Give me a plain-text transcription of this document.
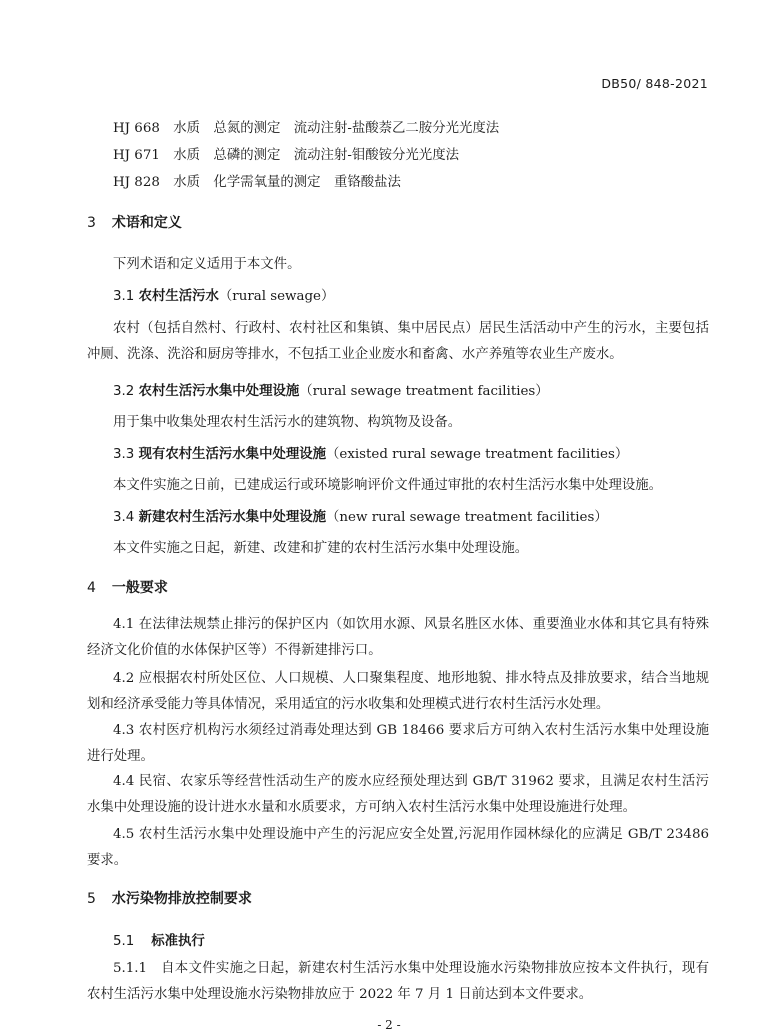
DB50/ 848-2021
HJ 668　水质　总氮的测定　流动注射-盐酸萘乙二胺分光光度法
HJ 671　水质　总磷的测定　流动注射-钼酸铵分光光度法
HJ 828　水质　化学需氧量的测定　重铬酸盐法
3 术语和定义
下列术语和定义适用于本文件。
3.1 农村生活污水（rural sewage）
农村（包括自然村、行政村、农村社区和集镇、集中居民点）居民生活活动中产生的污水，主要包括冲厕、洗涤、洗浴和厨房等排水，不包括工业企业废水和畜禽、水产养殖等农业生产废水。
3.2 农村生活污水集中处理设施（rural sewage treatment facilities）
用于集中收集处理农村生活污水的建筑物、构筑物及设备。
3.3 现有农村生活污水集中处理设施（existed rural sewage treatment facilities）
本文件实施之日前，已建成运行或环境影响评价文件通过审批的农村生活污水集中处理设施。
3.4 新建农村生活污水集中处理设施（new rural sewage treatment facilities）
本文件实施之日起，新建、改建和扩建的农村生活污水集中处理设施。
4 一般要求
4.1 在法律法规禁止排污的保护区内（如饮用水源、风景名胜区水体、重要渔业水体和其它具有特殊经济文化价值的水体保护区等）不得新建排污口。
4.2 应根据农村所处区位、人口规模、人口聚集程度、地形地貌、排水特点及排放要求，结合当地规划和经济承受能力等具体情况，采用适宜的污水收集和处理模式进行农村生活污水处理。
4.3 农村医疗机构污水须经过消毒处理达到 GB 18466 要求后方可纳入农村生活污水集中处理设施进行处理。
4.4 民宿、农家乐等经营性活动生产的废水应经预处理达到 GB/T 31962 要求，且满足农村生活污水集中处理设施的设计进水水量和水质要求，方可纳入农村生活污水集中处理设施进行处理。
4.5 农村生活污水集中处理设施中产生的污泥应安全处置,污泥用作园林绿化的应满足 GB/T 23486 要求。
5 水污染物排放控制要求
5.1 标准执行
5.1.1　自本文件实施之日起，新建农村生活污水集中处理设施水污染物排放应按本文件执行，现有农村生活污水集中处理设施水污染物排放应于 2022 年 7 月 1 日前达到本文件要求。
- 2 -
